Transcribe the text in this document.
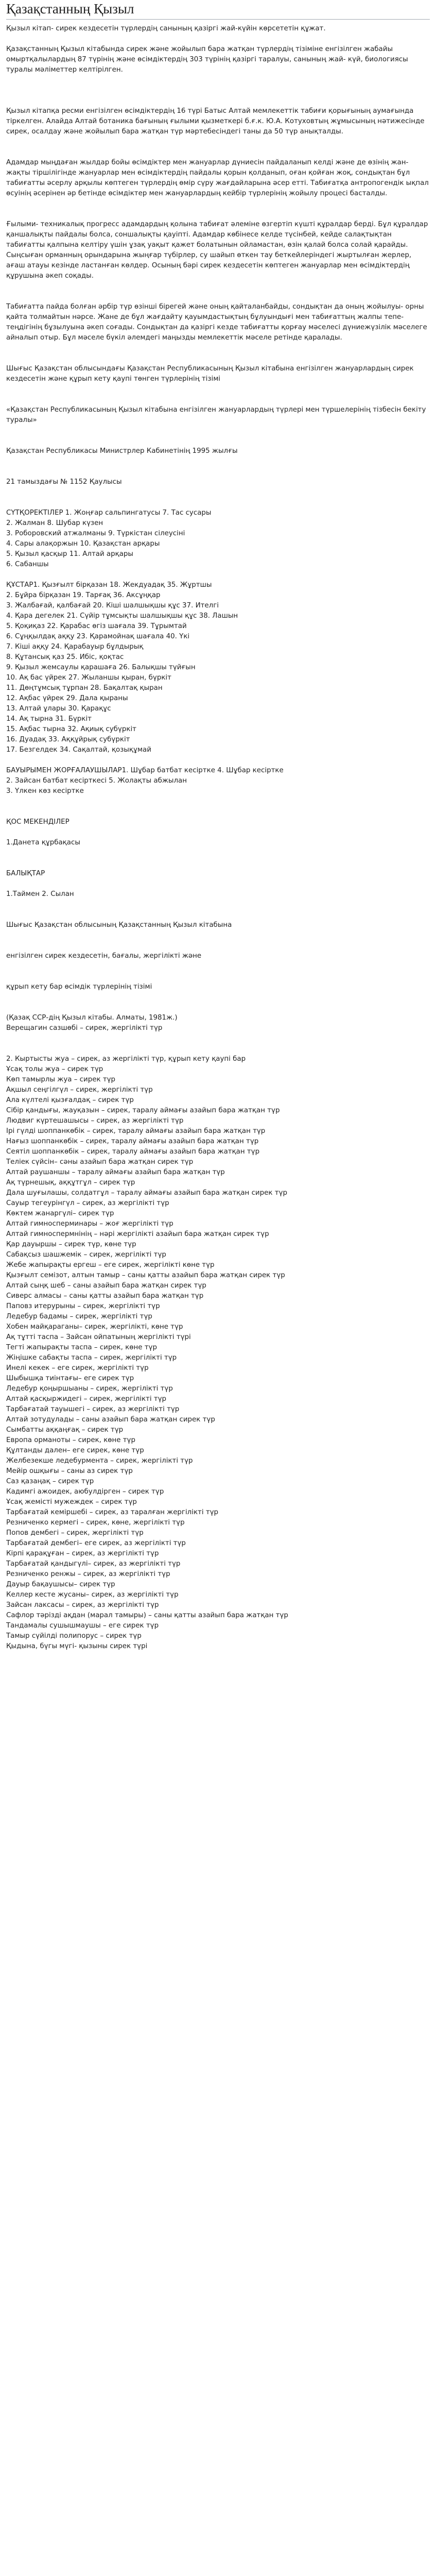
Қазақстанның Қызыл
Қызыл кітап- сирек кездесетін түрлердің санының қазіргі жай-күйін көрсететін құжат.
Қазақстанның Қызыл кітабында сирек және жойылып бара жатқан түрлердің тізіміне енгізілген жабайы омыртқалылардың 87 түрінің және өсімдіктердің 303 түрінің қазіргі таралуы, санының жай- күй, биологиясы туралы мәліметтер келтірілген.
Қызыл кітапқа ресми енгізілген өсімдіктердің 16 түрі Батыс Алтай мемлекеттік табиғи қорығының аумағында тіркелген. Алайда Алтай ботаника бағының ғылыми қызметкері б.ғ.к. Ю.А. Котуховтың жұмысының нәтижесінде сирек, осалдау және жойылып бара жатқан түр мәртебесіндегі таны да 50 түр анықталды.
Адамдар мыңдаған жылдар бойы өсімдіктер мен жануарлар дүниесін пайдаланып келді және де өзінің жан- жақты тіршілігінде жануарлар мен өсімдіктердің пайдалы қорын қолданып, оған қойған жоқ, сондықтан бұл табиғатты әсерлу арқылы көптеген түрлердің өмір сүру жағдайларына әсер етті. Табиғатқа антропогендік ықпал өсуінің әсерінен әр бетінде өсімдіктер мен жануарлардың кейбір түрлерінің жойылу процесі басталды.
Ғылыми- техникалық прогресс адамдардың қолына табиғат әлеміне өзгертіп күшті құралдар берді. Бұл құралдар қаншалықты пайдалы болса, соншалықты қауіпті. Адамдар көбінесе келде түсінбей, кейде салақтықтан табиғатты қалпына келтіру үшін ұзақ уақыт қажет болатынын ойламастан, өзін қалай болса солай қарайды. Сыңсыған орманның орындарына жыңғар түбірлер, су шайып өткен тау беткейлеріндегі жыртылған жерлер, ағаш атауы кезінде ластанған көлдер. Осының бәрі сирек кездесетін көптеген жануарлар мен өсімдіктердің құрушына әкеп соқады.
Табиғатта пайда болған әрбір түр өзінші бірегей және оның қайталанбайды, сондықтан да оның жойылуы- орны қайта толмайтын нәрсе. Жане де бұл жағдайту қауымдастықтың бұлуындығі мен табиғаттың жалпы тепе- теңдігінің бұзылуына әкеп соғады. Сондықтан да қазіргі кезде табиғатты қорғау мәселесі дүниежүзілік мәселеге айналып отыр. Бұл мәселе бүкіл әлемдегі маңызды мемлекеттік мәселе ретінде қаралады.
Шығыс Қазақстан облысындағы Қазақстан Республикасының Қызыл кітабына енгізілген жануарлардың сирек кездесетін және құрып кету қаупі төнген түрлерінің тізімі
«Қазақстан Республикасының Қызыл кітабына енгізілген жануарлардың түрлері мен түршелерінің тізбесін бекіту туралы»
Қазақстан Республикасы Министрлер Кабинетінің 1995 жылғы
21 тамыздағы № 1152 Қаулысы
СҮТҚОРЕКТІЛЕР 1. Жоңғар сальпингатусы 7. Тас сусары
2. Жалман 8. Шубар күзен
3. Роборовский атжалманы 9. Түркістан сілеусіні
4. Сары алақоржын 10. Қазақстан арқары
5. Қызыл қасқыр 11. Алтай арқары
6. Сабаншы
ҚҰСТАР1. Қызғылт бірқазан 18. Жекдуадақ 35. Жұртшы
2. Бұйра бірқазан 19. Тарғақ 36. Аксұңқар
3. Жалбағай, қалбағай 20. Кіші шалшықшы құс 37. Ителгі
4. Қара дегелек 21. Сүйір тұмсықты шалшықшы құс 38. Лашын
5. Қоқиқаз 22. Қарабас өгіз шағала 39. Тұрымтай
6. Сұңқылдақ аққу 23. Қарамойнақ шағала 40. Үкі
7. Кіші аққу 24. Қарабауыр бұлдырық
8. Құтансық қаз 25. Ибіс, қоқтас
9. Қызыл жемсаулы қарашаға 26. Балықшы түйғын
10. Ақ бас үйрек 27. Жыланшы қыран, бүркіт
11. Дөңтұмсық тұрпан 28. Бақалтақ қыран
12. Ақбас үйрек 29. Дала қыраны
13. Алтай ұлары 30. Қарақұс
14. Ақ тырна 31. Бүркіт
15. Ақбас тырна 32. Ақиық субүркіт
16. Дуадақ 33. Аққұйрық субүркіт
17. Безгелдек 34. Сақалтай, қозықұмай
БАУЫРЫМЕН ЖОРҒАЛАУШЫЛАР1. Шұбар батбат кесірткe 4. Шұбар кесіртке
2. Зайсан батбат кесірткесі 5. Жолақты абжылан
3. Үлкен көз кесіртке
ҚОС МЕКЕНДІЛЕР
1.Данета құрбақасы
БАЛЫҚТАР
1.Таймен 2. Сылан
Шығыс Қазақстан облысының Қазақстанның Қызыл кітабына
енгізілген сирек кездесетін, бағалы, жергілікті және
құрып кету бар өсімдік түрлерінің тізімі
(Қазақ ССР-дің Қызыл кітабы. Алматы, 1981ж.)
Верещагин сазшөбі – сирек, жергілікті түр
2. Кыртысты жуа – сирек, аз жергілікті түр, құрып кету қаупі бар
Ұсақ толы жуа – сирек түр
Көп тамырлы жуа – сирек түр
Ақшыл сеңгілгүл – сирек, жергілікті түр
Ала күлтелі қызғалдақ – сирек түр
Сібір қандығы, жауқазын – сирек, таралу аймағы азайып бара жатқан түр
Людвиг күртешашысы – сирек, аз жергілікті түр
Ірі гүлді шоппанкөбік – сирек, таралу аймағы азайып бара жатқан түр
Нағыз шоппанкөбік – сирек, таралу аймағы азайып бара жатқан түр
Сеятіл шоппанкөбік – сирек, таралу аймағы азайып бара жатқан түр
Теліек сүйсін– сәны азайып бара жатқан сирек түр
Алтай раушаншы – таралу аймағы азайып бара жатқан түр
Ақ түрнешық, аққұтгұл – сирек түр
Дала шуғылашы, солдатгұл – таралу аймағы азайып бара жатқан сирек түр
Сауыр тегеурінгүл – сирек, аз жергілікті түр
Көктем жанаргүлі– сирек түр
Алтай гимносперминары – жоғ жергілікті түр
Алтай гимноспермнінің – нәрі жергілікті азайып бара жатқан сирек түр
Қар дауыршы – сирек түр, көне түр
Сабақсыз шашжемік – сирек, жергілікті түр
Жебе жапырақты ергеш – еге сирек, жергілікті көне түр
Қызғылт семізот, алтын тамыр – саны қатты азайып бара жатқан сирек түр
Алтай сыңқ шеб – саны азайып бара жатқан сирек түр
Сиверс алмасы – саны қатты азайып бара жатқан түр
Паповз итерурыны – сирек, жергілікті түр
Ледебур бадамы – сирек, жергілікті түр
Хобен майқараганы– сирек, жергілікті, көне түр
Ақ тұтті таспа – Зайсан ойпатының жергілікті түрі
Тегті жапырақты таспа – сирек, көне түр
Жіңішке сабақты таспа – сирек, жергілікті түр
Инелі кекек – еге сирек, жергілікті түр
Шыбышқа тиінтағы– еге сирек түр
Ледебур қоңыршыаны – сирек, жергілікті түр
Алтай қасқыржидегі – сирек, жергілікті түр
Тарбағатай тауышегі – сирек, аз жергілікті түр
Алтай зотудулады – саны азайып бара жатқан сирек түр
Сымбатты аққаңғақ – сирек түр
Европа орманоты – сирек, көне түр
Құлтанды дален– еге сирек, көне түр
Желбезекше ледебурмента – сирек, жергілікті түр
Мейір ошқығы – саны аз сирек түр
Саз қазаңақ – сирек түр
Кадимгі ажоидек, аюбулдірген – сирек түр
Ұсақ жемісті мужеждек – сирек түр
Тарбағатай кеміршебі – сирек, аз таралған жергілікті түр
Резниченко кермегі – сирек, көне, жергілікті түр
Попов дембегі – сирек, жергілікті түр
Тарбағатай дембегі– еге сирек, аз жергілікті түр
Кірпі қарақұған – сирек, аз жергілікті түр
Тарбағатай қандыгүлі– сирек, аз жергілікті түр
Резниченко ренжы – сирек, аз жергілікті түр
Дауыр бақаушысы– сирек түр
Келлер кесте жусаны– сирек, аз жергілікті түр
Зайсан лаксасы – сирек, аз жергілікті түр
Сафлор тәрізді ақдан (марал тамыры) – саны қатты азайып бара жатқан түр
Тандамалы сушышмаушы – еге сирек түр
Тамыр сүйілді полипорус – сирек түр
Қыдына, бүгы мүгі- қызыны сирек түрі
